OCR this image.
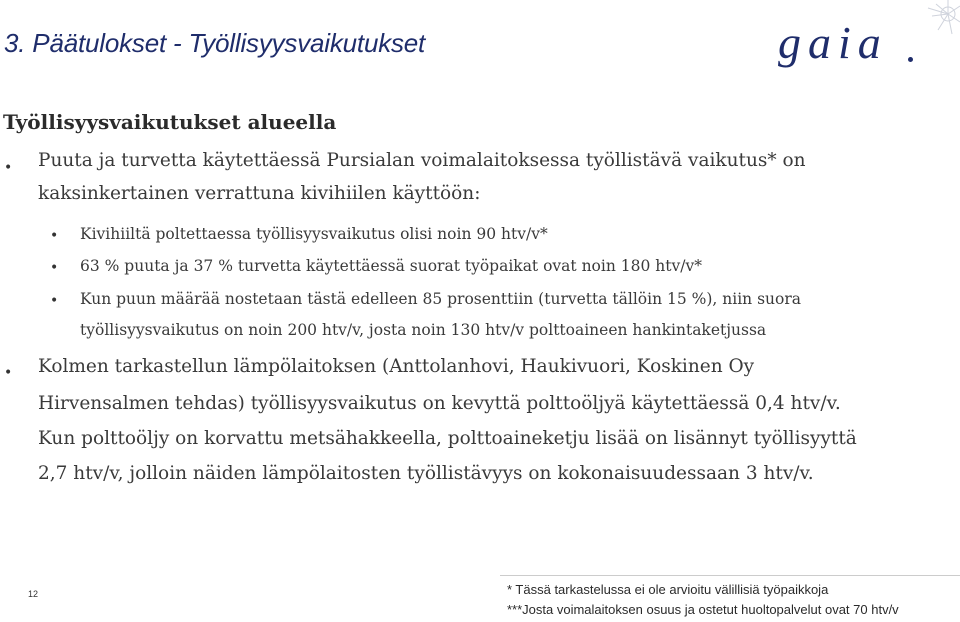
3. Päätulokset - Työllisyysvaikutukset	gaia
Työllisyysvaikutukset alueella
• Puuta ja turvetta käytettäessä Pursialan voimalaitoksessa työllistävä vaikutus* on
kaksinkertainen verrattuna kivihiilen käyttöön:
• Kivihiiltä poltettaessa työllisyysvaikutus olisi noin 90 htv/v*
• 63 % puuta ja 37 % turvetta käytettäessä suorat työpaikat ovat noin 180 htv/v*
• Kun puun määrää nostetaan tästä edelleen 85 prosenttiin (turvetta tällöin 15 %), niin suora
työllisyysvaikutus on noin 200 htv/v, josta noin 130 htv/v polttoaineen hankintaketjussa
• Kolmen tarkastellun lämpölaitoksen (Anttolanhovi, Haukivuori, Koskinen Oy
Hirvensalmen tehdas) työllisyysvaikutus on kevyttä polttoöljyä käytettäessä 0,4 htv/v.
Kun polttoöljy on korvattu metsähakkeella, polttoaineketju lisää on lisännyt työllisyyttä
2,7 htv/v, jolloin näiden lämpölaitosten työllistävyys on kokonaisuudessaan 3 htv/v.
12	* Tässä tarkastelussa ei ole arvioitu välillisiä työpaikkoja
***Josta voimalaitoksen osuus ja ostetut huoltopalvelut ovat 70 htv/v
